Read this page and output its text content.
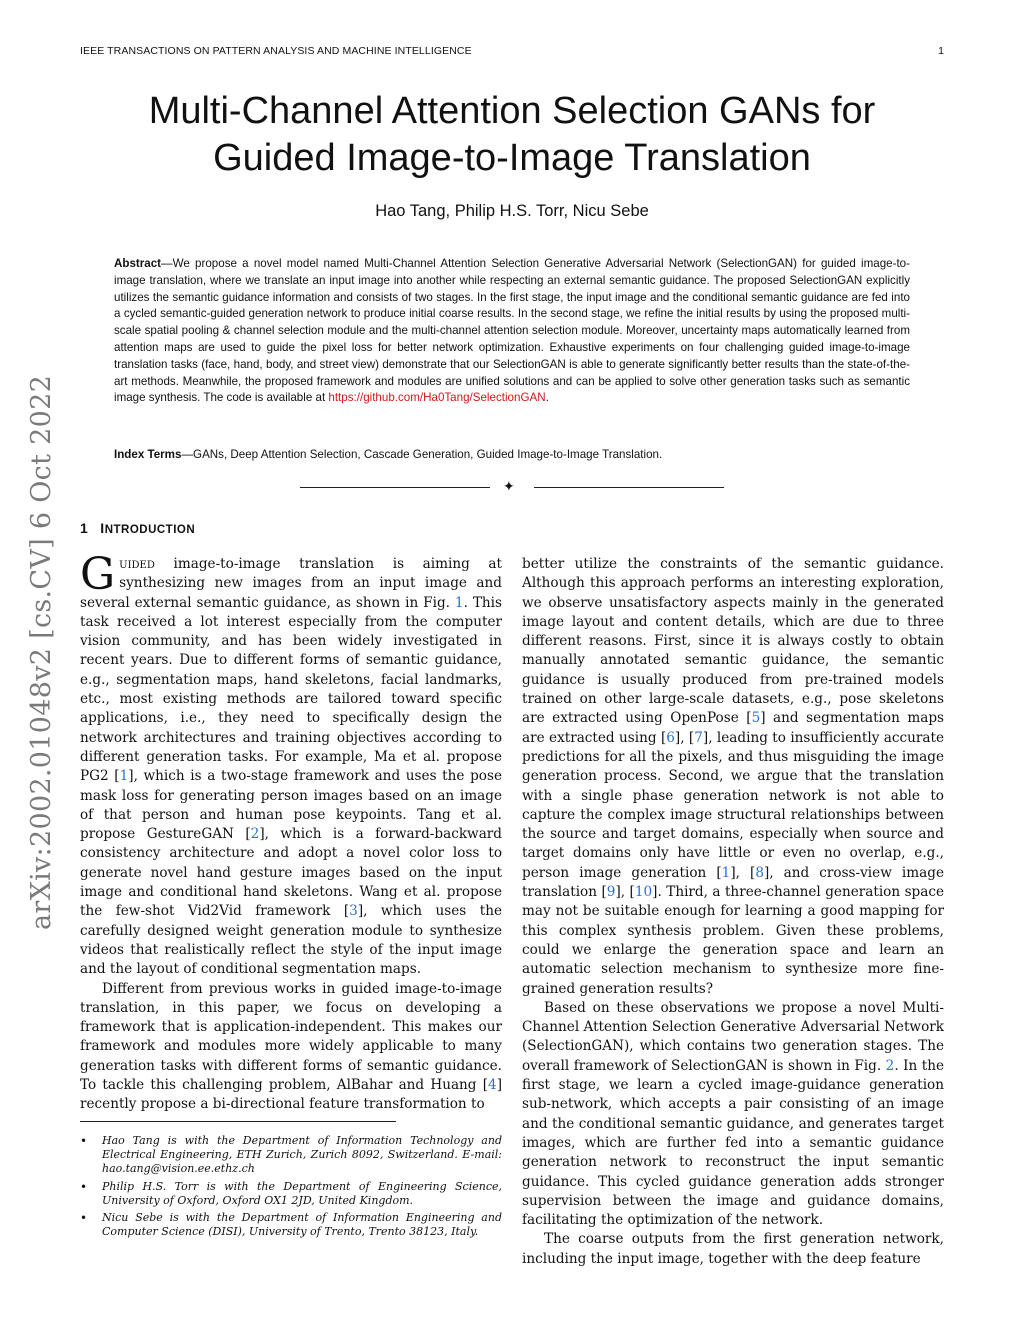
IEEE TRANSACTIONS ON PATTERN ANALYSIS AND MACHINE INTELLIGENCE	1
Multi-Channel Attention Selection GANs for
Guided Image-to-Image Translation
Hao Tang, Philip H.S. Torr, Nicu Sebe
Abstract—We propose a novel model named Multi-Channel Attention Selection Generative Adversarial Network (SelectionGAN) for guided image-to-image translation, where we translate an input image into another while respecting an external semantic guidance. The proposed SelectionGAN explicitly utilizes the semantic guidance information and consists of two stages. In the first stage, the input image and the conditional semantic guidance are fed into a cycled semantic-guided generation network to produce initial coarse results. In the second stage, we refine the initial results by using the proposed multi-scale spatial pooling & channel selection module and the multi-channel attention selection module. Moreover, uncertainty maps automatically learned from attention maps are used to guide the pixel loss for better network optimization. Exhaustive experiments on four challenging guided image-to-image translation tasks (face, hand, body, and street view) demonstrate that our SelectionGAN is able to generate significantly better results than the state-of-the-art methods. Meanwhile, the proposed framework and modules are unified solutions and can be applied to solve other generation tasks such as semantic image synthesis. The code is available at https://github.com/Ha0Tang/SelectionGAN.
Index Terms—GANs, Deep Attention Selection, Cascade Generation, Guided Image-to-Image Translation.
✦
arXiv:2002.01048v2 [cs.CV] 6 Oct 2022 1 INTRODUCTION

Guided image-to-image translation is aiming at synthesizing new images from an input image and several external semantic guidance, as shown in Fig. 1. This task received a lot interest especially from the computer vision community, and has been widely investigated in recent years. Due to different forms of semantic guidance, e.g., segmentation maps, hand skeletons, facial landmarks, etc., most existing methods are tailored toward specific applications, i.e., they need to specifically design the network architectures and training objectives according to different generation tasks. For example, Ma et al. propose PG2 [1], which is a two-stage framework and uses the pose mask loss for generating person images based on an image of that person and human pose keypoints. Tang et al. propose GestureGAN [2], which is a forward-backward consistency architecture and adopt a novel color loss to generate novel hand gesture images based on the input image and conditional hand skeletons. Wang et al. propose the few-shot Vid2Vid framework [3], which uses the carefully designed weight generation module to synthesize videos that realistically reflect the style of the input image and the layout of conditional segmentation maps.

Different from previous works in guided image-to-image translation, in this paper, we focus on developing a framework that is application-independent. This makes our framework and modules more widely applicable to many generation tasks with different forms of semantic guidance. To tackle this challenging problem, AlBahar and Huang [4] recently propose a bi-directional feature transformation to

• Hao Tang is with the Department of Information Technology and Electrical Engineering, ETH Zurich, Zurich 8092, Switzerland. E-mail: hao.tang@vision.ee.ethz.ch
• Philip H.S. Torr is with the Department of Engineering Science, University of Oxford, Oxford OX1 2JD, United Kingdom.
• Nicu Sebe is with the Department of Information Engineering and Computer Science (DISI), University of Trento, Trento 38123, Italy.

better utilize the constraints of the semantic guidance. Although this approach performs an interesting exploration, we observe unsatisfactory aspects mainly in the generated image layout and content details, which are due to three different reasons. First, since it is always costly to obtain manually annotated semantic guidance, the semantic guidance is usually produced from pre-trained models trained on other large-scale datasets, e.g., pose skeletons are extracted using OpenPose [5] and segmentation maps are extracted using [6], [7], leading to insufficiently accurate predictions for all the pixels, and thus misguiding the image generation process. Second, we argue that the translation with a single phase generation network is not able to capture the complex image structural relationships between the source and target domains, especially when source and target domains only have little or even no overlap, e.g., person image generation [1], [8], and cross-view image translation [9], [10]. Third, a three-channel generation space may not be suitable enough for learning a good mapping for this complex synthesis problem. Given these problems, could we enlarge the generation space and learn an automatic selection mechanism to synthesize more fine-grained generation results?

Based on these observations we propose a novel Multi-Channel Attention Selection Generative Adversarial Network (SelectionGAN), which contains two generation stages. The overall framework of SelectionGAN is shown in Fig. 2. In the first stage, we learn a cycled image-guidance generation sub-network, which accepts a pair consisting of an image and the conditional semantic guidance, and generates target images, which are further fed into a semantic guidance generation network to reconstruct the input semantic guidance. This cycled guidance generation adds stronger supervision between the image and guidance domains, facilitating the optimization of the network.

The coarse outputs from the first generation network, including the input image, together with the deep feature
